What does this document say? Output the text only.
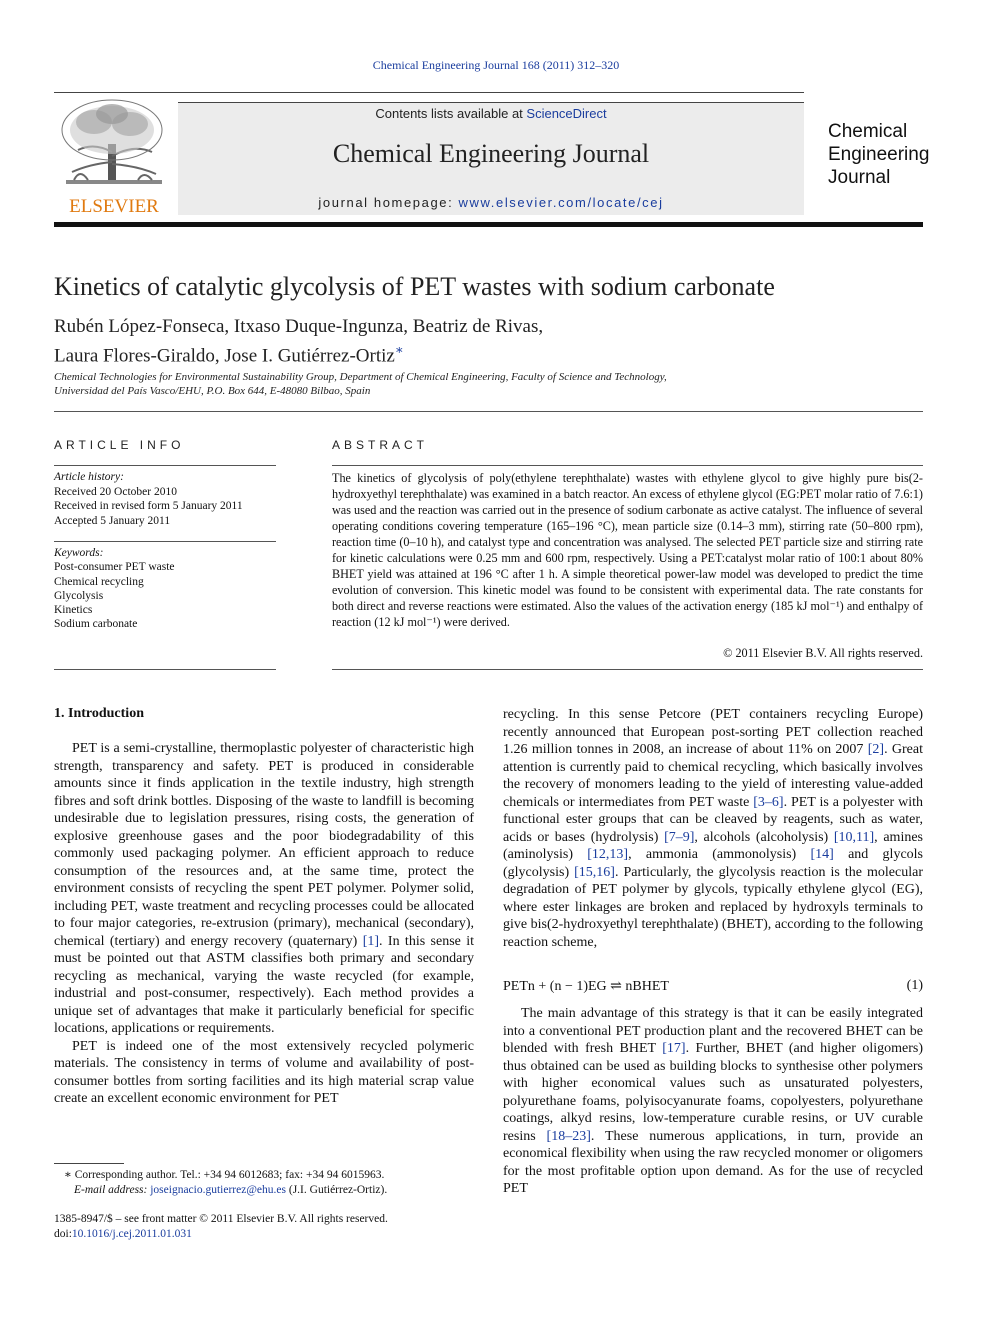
Chemical Engineering Journal 168 (2011) 312–320
ELSEVIER
Contents lists available at ScienceDirect
Chemical Engineering Journal
journal homepage: www.elsevier.com/locate/cej
Chemical
Engineering
Journal
Kinetics of catalytic glycolysis of PET wastes with sodium carbonate
Rubén López-Fonseca, Itxaso Duque-Ingunza, Beatriz de Rivas,
Laura Flores-Giraldo, Jose I. Gutiérrez-Ortiz∗
Chemical Technologies for Environmental Sustainability Group, Department of Chemical Engineering, Faculty of Science and Technology,
Universidad del País Vasco/EHU, P.O. Box 644, E-48080 Bilbao, Spain
ARTICLE INFO
Article history:
Received 20 October 2010
Received in revised form 5 January 2011
Accepted 5 January 2011
Keywords:
Post-consumer PET waste
Chemical recycling
Glycolysis
Kinetics
Sodium carbonate
ABSTRACT
The kinetics of glycolysis of poly(ethylene terephthalate) wastes with ethylene glycol to give highly pure bis(2-hydroxyethyl terephthalate) was examined in a batch reactor. An excess of ethylene glycol (EG:PET molar ratio of 7.6:1) was used and the reaction was carried out in the presence of sodium carbonate as active catalyst. The influence of several operating conditions covering temperature (165–196 °C), mean particle size (0.14–3 mm), stirring rate (50–800 rpm), reaction time (0–10 h), and catalyst type and concentration was analysed. The selected PET particle size and stirring rate for kinetic calculations were 0.25 mm and 600 rpm, respectively. Using a PET:catalyst molar ratio of 100:1 about 80% BHET yield was attained at 196 °C after 1 h. A simple theoretical power-law model was developed to predict the time evolution of conversion. This kinetic model was found to be consistent with experimental data. The rate constants for both direct and reverse reactions were estimated. Also the values of the activation energy (185 kJ mol⁻¹) and enthalpy of reaction (12 kJ mol⁻¹) were derived.
© 2011 Elsevier B.V. All rights reserved.
1. Introduction

PET is a semi-crystalline, thermoplastic polyester of characteristic high strength, transparency and safety. PET is produced in considerable amounts since it finds application in the textile industry, high strength fibres and soft drink bottles. Disposing of the waste to landfill is becoming undesirable due to legislation pressures, rising costs, the generation of explosive greenhouse gases and the poor biodegradability of this commonly used packaging polymer. An efficient approach to reduce consumption of the resources and, at the same time, protect the environment consists of recycling the spent PET polymer. Polymer solid, including PET, waste treatment and recycling processes could be allocated to four major categories, re-extrusion (primary), mechanical (secondary), chemical (tertiary) and energy recovery (quaternary) [1]. In this sense it must be pointed out that ASTM classifies both primary and secondary recycling as mechanical, varying the waste recycled (for example, industrial and post-consumer, respectively). Each method provides a unique set of advantages that make it particularly beneficial for specific locations, applications or requirements.

PET is indeed one of the most extensively recycled polymeric materials. The consistency in terms of volume and availability of post-consumer bottles from sorting facilities and its high material scrap value create an excellent economic environment for PET

recycling. In this sense Petcore (PET containers recycling Europe) recently announced that European post-sorting PET collection reached 1.26 million tonnes in 2008, an increase of about 11% on 2007 [2]. Great attention is currently paid to chemical recycling, which basically involves the recovery of monomers leading to the yield of interesting value-added chemicals or intermediates from PET waste [3–6]. PET is a polyester with functional ester groups that can be cleaved by reagents, such as water, acids or bases (hydrolysis) [7–9], alcohols (alcoholysis) [10,11], amines (aminolysis) [12,13], ammonia (ammonolysis) [14] and glycols (glycolysis) [15,16]. Particularly, the glycolysis reaction is the molecular degradation of PET polymer by glycols, typically ethylene glycol (EG), where ester linkages are broken and replaced by hydroxyls terminals to give bis(2-hydroxyethyl terephthalate) (BHET), according to the following reaction scheme,

PETn + (n − 1)EG ⇌ nBHET	(1)

The main advantage of this strategy is that it can be easily integrated into a conventional PET production plant and the recovered BHET can be blended with fresh BHET [17]. Further, BHET (and higher oligomers) thus obtained can be used as building blocks to synthesise other polymers with higher economical values such as unsaturated polyesters, polyurethane foams, polyisocyanurate foams, copolyesters, polyurethane coatings, alkyd resins, low-temperature curable resins, or UV curable resins [18–23]. These numerous applications, in turn, provide an economical flexibility when using the raw recycled monomer or oligomers for the most profitable option upon demand. As for the use of recycled PET

∗ Corresponding author. Tel.: +34 94 6012683; fax: +34 94 6015963.
E-mail address: joseignacio.gutierrez@ehu.es (J.I. Gutiérrez-Ortiz).
1385-8947/$ – see front matter © 2011 Elsevier B.V. All rights reserved.
doi:10.1016/j.cej.2011.01.031
